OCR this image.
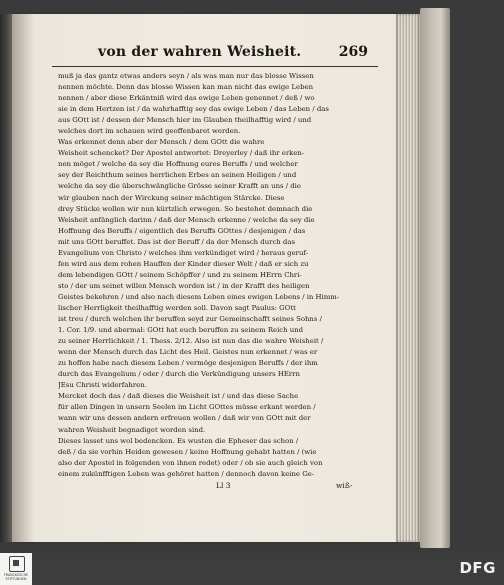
von der wahren Weisheit.	269
muß ja das gantz etwas anders seyn / als was man nur das blosse Wissen
nennen möchte. Denn das blosse Wissen kan man nicht das ewige Leben
nennen / aber diese Erkäntniß wird das ewige Leben genennet / deß / wo
sie in dem Hertzen ist / da wahrhafftig sey das ewige Leben / das Leben / das
aus GOtt ist / dessen der Mensch hier im Glauben theilhafftig wird / und
welches dort im schauen wird geoffenbaret werden.
Was erkennet denn aber der Mensch / dem GOtt die wahre
Weisheit schencket? Der Apostel antwortet: Dreyerley / daß ihr erken-
nen möget / welche da sey die Hoffnung eures Beruffs / und welcher
sey der Reichthum seines herrlichen Erbes an seinen Heiligen / und
welche da sey die überschwängliche Grösse seiner Krafft an uns / die
wir glauben nach der Wirckung seiner mächtigen Stärcke. Diese
drey Stücke wollen wir nun kürtzlich erwegen. So bestehet demnach die
Weisheit anfänglich darinn / daß der Mensch erkenne / welche da sey die
Hoffnung des Beruffs / eigentlich des Beruffs GOttes / desjenigen / das
mit uns GOtt beruffet. Das ist der Beruff / da der Mensch durch das
Evangelium von Christo / welches ihm verkündiget wird / heraus geruf-
fen wird aus dem rohen Hauffen der Kinder dieser Welt / daß er sich zu
dem lebendigen GOtt / seinem Schöpffer / und zu seinem HErrn Chri-
sto / der um seinet willen Mensch worden ist / in der Krafft des heiligen
Geistes bekehren / und also nach diesem Leben eines ewigen Lebens / in Himm-
lischer Herrligkeit theilhafftig werden soll. Davon sagt Paulus: GOtt
ist treu / durch welchen ihr beruffen seyd zur Gemeinschafft seines Sohns /
1. Cor. 1/9. und abermal: GOtt hat euch beruffen zu seinem Reich und
zu seiner Herrlichkeit / 1. Thess. 2/12. Also ist nun das die wahre Weisheit /
wenn der Mensch durch das Licht des Heil. Geistes nun erkennet / was er
zu hoffen habe nach diesem Leben / vermöge desjenigen Beruffs / der ihm
durch das Evangelium / oder / durch die Verkündigung unsers HErrn
JEsu Christi widerfahren.
Mercket doch das / daß dieses die Weisheit ist / und das diese Sache
für allen Dingen in unsern Seelen im Licht GOttes müsse erkant werden /
wann wir uns dessen andern erfreuen wollen / daß wir von GOtt mit der
wahren Weisheit begnadiget worden sind.
Dieses lasset uns wol bedencken. Es wusten die Epheser das schon /
deß / da sie vorhin Heiden gewesen / keine Hoffnung gehabt hatten / (wie
also der Apostel in folgenden von ihnen redet) oder / ob sie auch gleich von
einem zukünfftigen Leben was gehöret hatten / dennoch davon keine Ge-
Ll 3	wiß-
FRANCKESCHE STIFTUNGEN
DFG
